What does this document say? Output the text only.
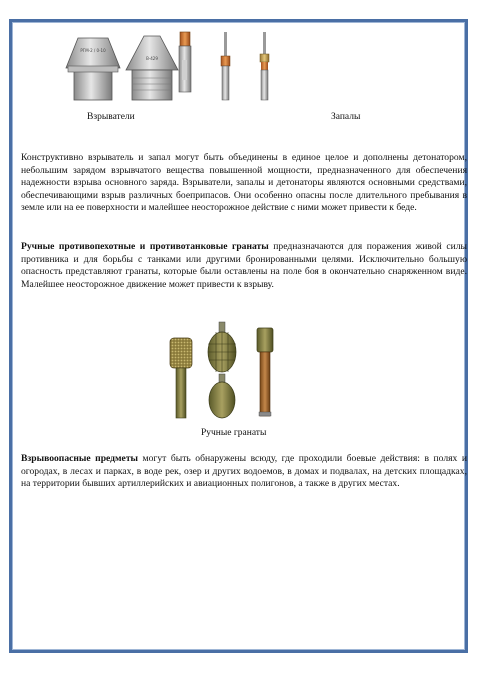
РГМ-2 / 0-10
В-429
Взрыватели	Запалы

Конструктивно взрыватель и запал могут быть объединены в единое целое и дополнены детонатором, небольшим зарядом взрывчатого вещества повышенной мощности, предназначенного для обеспечения надежности взрыва основного заряда. Взрыватели, запалы и детонаторы являются основными средствами, обеспечивающими взрыв различных боеприпасов. Они особенно опасны после длительного пребывания в земле или на ее поверхности и малейшее неосторожное действие с ними может привести к беде.

Ручные противопехотные и противотанковые гранаты предназначаются для поражения живой силы противника и для борьбы с танками или другими бронированными целями. Исключительно большую опасность представляют гранаты, которые были оставлены на поле боя в окончательно снаряженном виде. Малейшее неосторожное движение может привести к взрыву.

Ручные гранаты

Взрывоопасные предметы могут быть обнаружены всюду, где проходили боевые действия: в полях и огородах, в лесах и парках, в воде рек, озер и других водоемов, в домах и подвалах, на детских площадках, на территории бывших артиллерийских и авиационных полигонов, а также в других местах.
